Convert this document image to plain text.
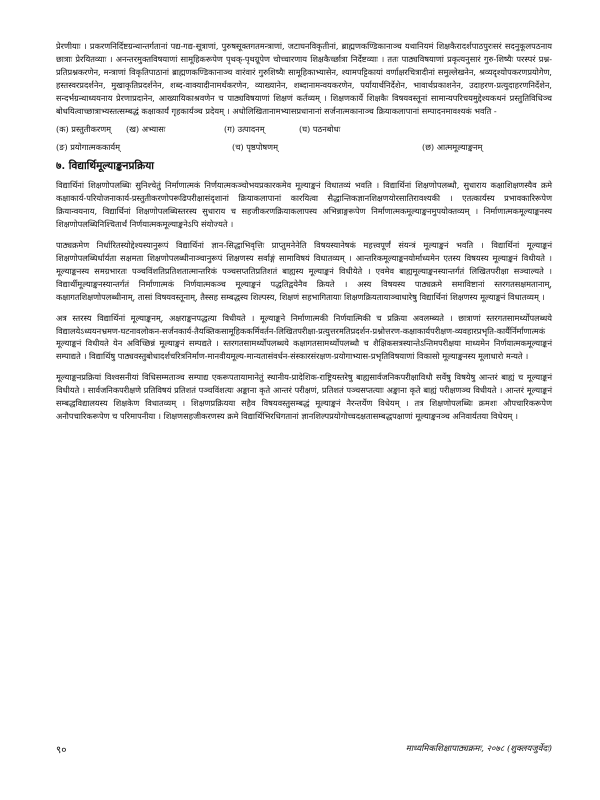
प्रेरणीयाः । प्रकरणनिर्दिष्टग्रन्थान्तर्गतानां पद्य-गद्य-सूत्राणां, पुरुषसूक्तगतमन्त्राणां, जटाघनविकृतीनां, ब्राह्मणकण्डिकानाञ्च यथानियमं शिक्षकैरादर्शपाठपुरःसरं सदनुकूलपठनाय छात्राः प्रेरयितव्याः । अनन्तरमुक्तविषयाणां सामूहिकरूपेण पृथक्-पृथग्रूपेण चोच्चारणाय शिक्षकैर्च्छात्रा निर्देष्टव्याः । ततः पाठ्यविषयाणां प्रकृत्यनुसारं गुरु-शिष्यैः परस्परं प्रश्न-प्रतिप्रश्नकरणेन, मन्त्राणां विकृतिपाठानां ब्राह्मणकण्डिकानाञ्च वारंवारं गुरुशिष्यैः सामूहिकाभ्यासेन, श्यामपट्टिकायां वर्णाक्षरचित्रादीनां समुल्लेखनेन, श्रव्यदृश्योपकरणप्रयोगेण, हस्तस्वरप्रदर्शनेन, मुखाकृतिप्रदर्शनेन, शब्द-वाक्यादीनामर्थकरणेन, व्याख्यानेन, शब्दानामन्वयकरणेन, पर्यायार्थनिर्देशेन, भावार्थप्रकाशनेन, उदाहरण-प्रत्युदाहरणनिर्देशेन, सन्दर्भग्रन्थाध्ययनाय प्रेरणाप्रदानेन, आख्यायिकाश्रवणेन च पाठ्यविषयाणां शिक्षणं कर्तव्यम् । शिक्षणकार्ये शिक्षकैः विषयवस्तूनां सामान्यपरिचयमुद्देश्यकथनं प्रस्तुतिविधिञ्च बोधयित्वाच्छात्राभ्यस्तत्सम्बद्धं कक्षाकार्यं गृहकार्यञ्च प्रदेयम् । अधोलिखितानामभ्यासप्रधानानां सर्जनात्मकानाञ्च क्रियाकलापानां सम्पादनमावश्यकं भवति -

(क) प्रस्तुतीकरणम्	(ख) अभ्यासः	(ग) उत्पादनम्	(घ) पठनबोधः
(ङ) प्रयोगात्मककार्यम्	(च) पृष्ठपोषणम्	(छ) आत्ममूल्याङ्कनम्
७. विद्यार्थिमूल्याङ्कनप्रक्रिया

विद्यार्थिनां शिक्षणोपलब्धिः सुनिश्चेतुं निर्माणात्मकं निर्णयात्मकञ्चोभयप्रकारकमेव मूल्याङ्कनं विधातव्यं भवति । विद्यार्थिनां शिक्षणोपलब्धौ, सुधाराय कक्षाशिक्षणस्यैव क्रमे कक्षाकार्य-परियोजनाकार्य-प्रस्तुतीकरणोपरूढिपरीक्षासंदृशानां क्रियाकलापानां कारयित्वा सैद्धान्तिकज्ञानशिक्षणयोरसातिरावश्यकी । एतत्कार्यस्य प्रभावकारिरूपेण क्रियान्वयनाय, विद्यार्थिनां शिक्षणोपलब्धिस्तरस्य सुधाराय च सहजीकरणक्रियाकलापस्य अभिन्नाङ्गरूपेण निर्माणात्मकमूल्याङ्कनमुपयोक्तव्यम् । निर्माणात्मकमूल्याङ्कनस्य शिक्षणोपलब्धिनिश्चितार्थं निर्णयात्मकमूल्याङ्कनेऽपि संयोज्यते ।

पाठ्यक्रमेण निर्धारितस्योद्देश्यस्यानुरूपं विद्यार्थिनां ज्ञान-सिद्धाभिवृत्तिः प्राप्तुमनेनेति विषयस्यानेषकं महत्त्वपूर्णं संयन्त्रं मूल्याङ्कनं भवति । विद्यार्थिनां मूल्याङ्कनं शिक्षणोपलब्धिर्धार्यता सक्षमता शिक्षणोपलब्धीनाञ्चानुरूपं शिक्षणस्य सर्वाङ्गं सामाविषयं विधातव्यम् । आन्तरिकमूल्याङ्कनयोर्माध्यमेन एतस्य विषयस्य मूल्याङ्कनं विधीयते । मूल्याङ्कनस्य समग्रभारतः पञ्चविंशतिप्रतिशतात्मान्तरिकं पञ्चसप्ततिप्रतिशतं बाह्यस्य मूल्याङ्कनं विधीयेते । एवमेव बाह्यमूल्याङ्कनस्यान्तर्गतं लिखितपरीक्षा सञ्चाल्यते । विद्यार्थीमूल्याङ्कनस्यान्तर्गतं निर्माणात्मकं निर्णयात्मकञ्च मूल्याङ्कनं पद्धतिद्वयेनैव क्रियते । अस्य विषयस्य पाठ्यक्रमे समाविष्टानां स्तरगतसक्षमतानाम्, कक्षागतशिक्षणोपलब्धीनाम्, तासां विषयवस्तूनाम्, तैस्सह सम्बद्धस्य शिल्पस्य, शिक्षणं सहभागितायाः शिक्षणक्रियतायाञ्चाधारेषु विद्यार्थिनां शिक्षणस्य मूल्याङ्कनं विधातव्यम् ।

अत्र स्तरस्य विद्यार्थिनां मूल्याङ्कनम्, अक्षराङ्कनपद्धत्या विधीयते । मूल्याङ्कने निर्माणात्मकी निर्णयात्मिकी च प्रक्रिया अवलम्ब्यते । छात्राणां स्तरगतसामर्थ्योपलब्धये विद्यालयेऽध्ययनभ्रमण-घटनावलोकन-सर्जनकार्य-तैयक्तिकसामूहिककर्मिवर्तन-लिखितपरीक्षा-प्रत्युत्तरमतिप्रदर्शन-प्रश्नोत्तरण-कक्षाकार्यपरीक्षण-व्यवहारप्रभृति-कार्यैर्निर्माणात्मकं मूल्याङ्कनं विधीयते येन अविच्छिन्नं मूल्याङ्कनं सम्पद्यते । स्तरगतसामर्थ्योपलब्धये कक्षागतसामर्थ्योपलब्धौ च शैक्षिकसत्रस्यान्तेऽन्तिमपरीक्षया माध्यमेन निर्णयात्मकमूल्याङ्कनं सम्पाद्यते । विद्यार्थिषु पाठ्यवस्तुबोधादर्शचरित्रनिर्माण-मानवीयमूल्य-मान्यतासंवर्धन-संस्कारसंरक्षण-प्रयोगाभ्यास-प्रभृतिविषयाणां विकासो मूल्याङ्कनस्य मूलाधारो मन्यते ।

मूल्याङ्कनप्रक्रियां विश्वसनीयां विधिसम्मताञ्च सम्पाद्य एकरूपतायामानेतुं स्थानीय-प्रादेशिक-राष्ट्रियस्तरेषु बाह्यसार्वजनिकपरीक्षाविधौ सर्वेषु विषयेषु आन्तरं बाह्यं च मूल्याङ्कनं विधीयते । सार्वजनिकपरीक्षणे प्रतिविषयं प्रतिशतं पञ्चविंशत्यः अङ्काना कृते आन्तरं परीक्षणं, प्रतिशतं पञ्चसप्तत्याः अङ्काना कृते बाह्यं परीक्षणञ्च विधीयते । आन्तरं मूल्याङ्कनं सम्बद्धविद्यालयस्य शिक्षकेण विधातव्यम् । शिक्षणप्रक्रियया सहैव विषयवस्तुसम्बद्धं मूल्याङ्कनं नैरन्तर्येण विधेयम् । तत्र शिक्षणोपलब्धिः क्रमशः औपचारिकरूपेण अनौपचारिकरूपेण च परिमापनीया । शिक्षणसहजीकरणस्य क्रमे विद्यार्थिभिरधिगतानां ज्ञानशिल्पप्रयोगोच्चदक्षतासम्बद्धपक्षाणां मूल्याङ्कनञ्च अनिवार्यतया विधेयम् ।

९०	माध्यमिकशिक्षापाठ्यक्रमः, २०७८ (शुक्लयजुर्वेदः)
